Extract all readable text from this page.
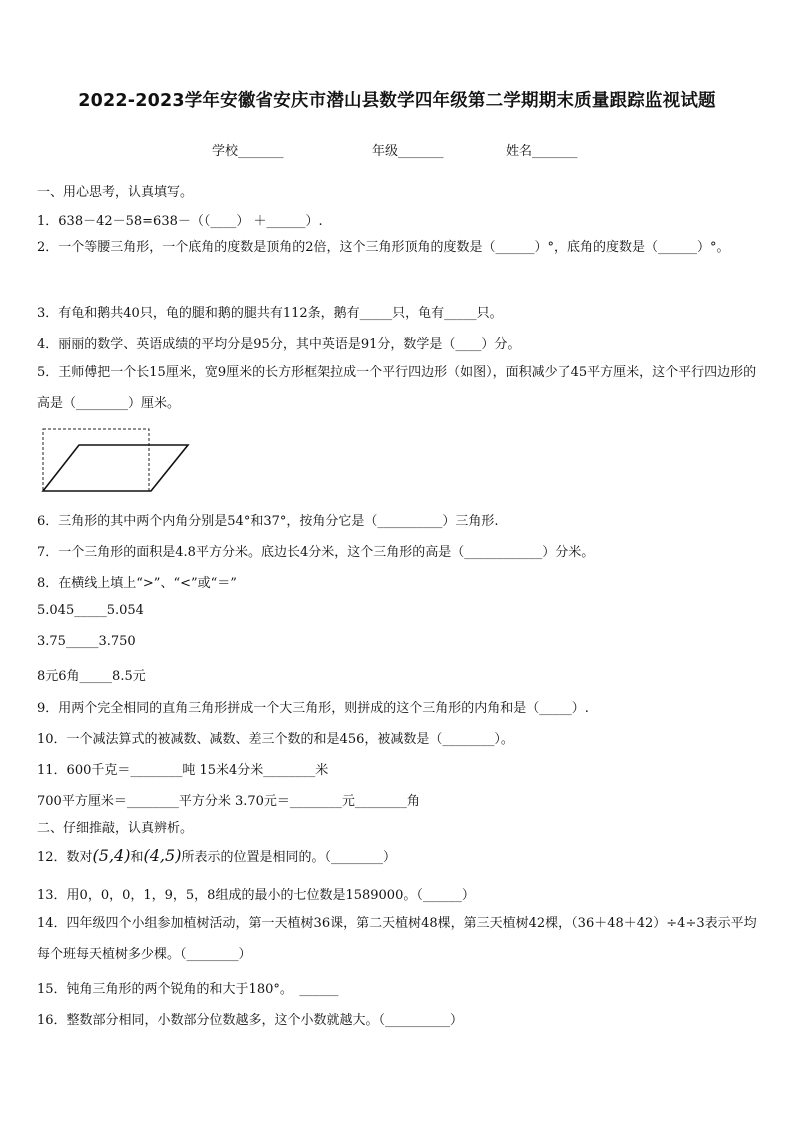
2022-2023学年安徽省安庆市潜山县数学四年级第二学期期末质量跟踪监视试题
学校_______	年级_______	姓名_______
一、用心思考，认真填写。
1．638－42－58=638－（（____） ＋______）.
2．一个等腰三角形，一个底角的度数是顶角的2倍，这个三角形顶角的度数是（______）°，底角的度数是（______）°。
3．有龟和鹅共40只，龟的腿和鹅的腿共有112条，鹅有_____只，龟有_____只。
4．丽丽的数学、英语成绩的平均分是95分，其中英语是91分，数学是（____）分。
5．王师傅把一个长15厘米，宽9厘米的长方形框架拉成一个平行四边形（如图），面积减少了45平方厘米，这个平行四边形的高是（________）厘米。
6．三角形的其中两个内角分别是54°和37°，按角分它是（__________）三角形.
7．一个三角形的面积是4.8平方分米。底边长4分米，这个三角形的高是（____________）分米。
8．在横线上填上“>”、“<”或“＝”
5.045_____5.054
3.75_____3.750
8元6角_____8.5元
9．用两个完全相同的直角三角形拼成一个大三角形，则拼成的这个三角形的内角和是（_____）.
10．一个减法算式的被减数、减数、差三个数的和是456，被减数是（________）。
11．600千克＝________吨 15米4分米________米
700平方厘米＝________平方分米 3.70元＝________元________角
二、仔细推敲，认真辨析。
12．数对(5,4)和(4,5)所表示的位置是相同的。（________）
13．用0，0，0，1，9，5，8组成的最小的七位数是1589000。（______）
14．四年级四个小组参加植树活动，第一天植树36课，第二天植树48棵，第三天植树42棵，（36＋48＋42）÷4÷3表示平均每个班每天植树多少棵。（________）
15．钝角三角形的两个锐角的和大于180°。　______
16．整数部分相同，小数部分位数越多，这个小数就越大。（__________）
